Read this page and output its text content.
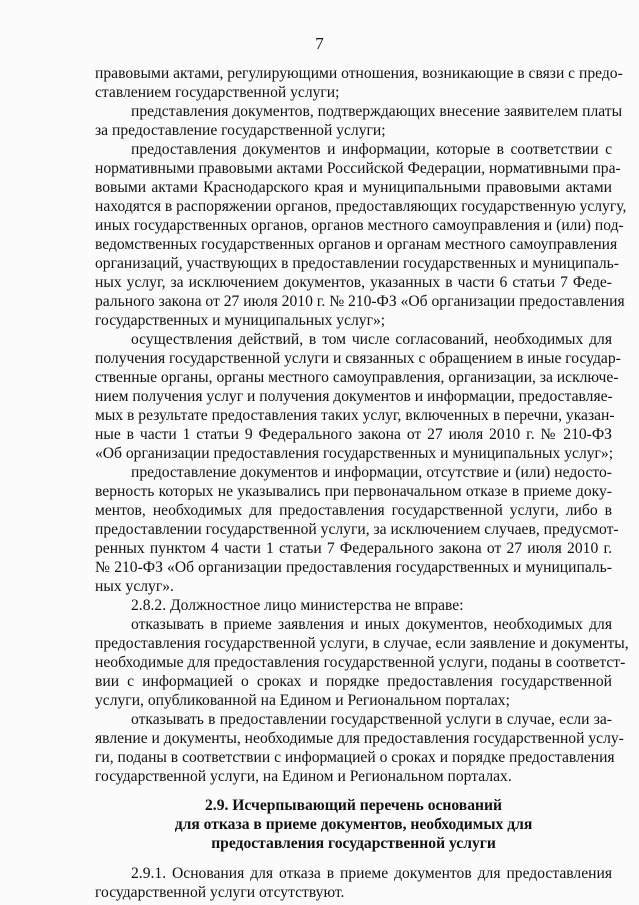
7
правовыми актами, регулирующими отношения, возникающие в связи с предо-
ставлением государственной услуги;
представления документов, подтверждающих внесение заявителем платы
за предоставление государственной услуги;
предоставления документов и информации, которые в соответствии с
нормативными правовыми актами Российской Федерации, нормативными пра-
вовыми актами Краснодарского края и муниципальными правовыми актами
находятся в распоряжении органов, предоставляющих государственную услугу,
иных государственных органов, органов местного самоуправления и (или) под-
ведомственных государственных органов и органам местного самоуправления
организаций, участвующих в предоставлении государственных и муниципаль-
ных услуг, за исключением документов, указанных в части 6 статьи 7 Феде-
рального закона от 27 июля 2010 г. № 210-ФЗ «Об организации предоставления
государственных и муниципальных услуг»;
осуществления действий, в том числе согласований, необходимых для
получения государственной услуги и связанных с обращением в иные государ-
ственные органы, органы местного самоуправления, организации, за исключе-
нием получения услуг и получения документов и информации, предоставляе-
мых в результате предоставления таких услуг, включенных в перечни, указан-
ные в части 1 статьи 9 Федерального закона от 27 июля 2010 г. № 210-ФЗ
«Об организации предоставления государственных и муниципальных услуг»;
предоставление документов и информации, отсутствие и (или) недосто-
верность которых не указывались при первоначальном отказе в приеме доку-
ментов, необходимых для предоставления государственной услуги, либо в
предоставлении государственной услуги, за исключением случаев, предусмот-
ренных пунктом 4 части 1 статьи 7 Федерального закона от 27 июля 2010 г.
№ 210-ФЗ «Об организации предоставления государственных и муниципаль-
ных услуг».
2.8.2. Должностное лицо министерства не вправе:
отказывать в приеме заявления и иных документов, необходимых для
предоставления государственной услуги, в случае, если заявление и документы,
необходимые для предоставления государственной услуги, поданы в соответст-
вии с информацией о сроках и порядке предоставления государственной
услуги, опубликованной на Едином и Региональном порталах;
отказывать в предоставлении государственной услуги в случае, если за-
явление и документы, необходимые для предоставления государственной услу-
ги, поданы в соответствии с информацией о сроках и порядке предоставления
государственной услуги, на Едином и Региональном порталах.
2.9. Исчерпывающий перечень оснований
для отказа в приеме документов, необходимых для
предоставления государственной услуги
2.9.1. Основания для отказа в приеме документов для предоставления
государственной услуги отсутствуют.
